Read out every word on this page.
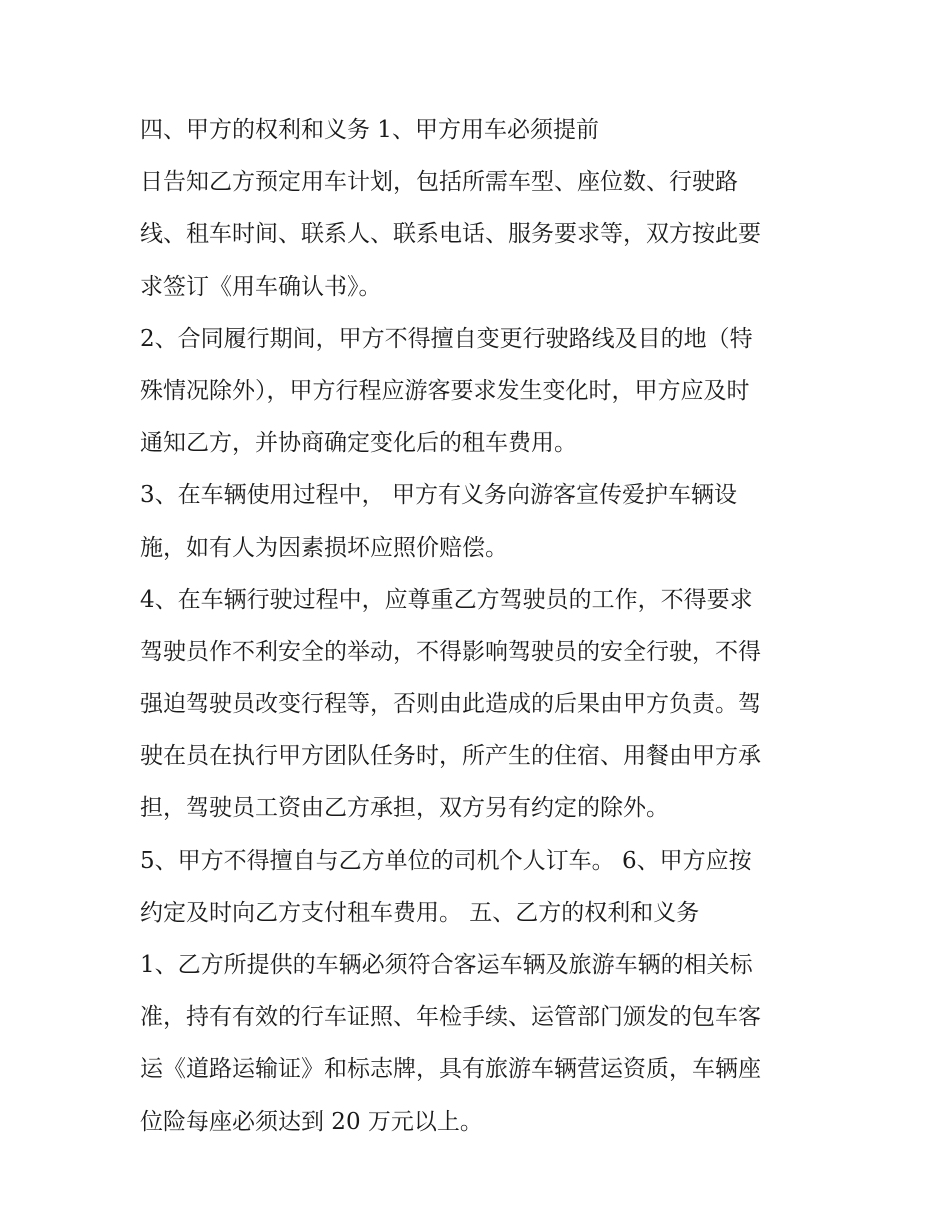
四、甲方的权利和义务 1、甲方用车必须提前
日告知乙方预定用车计划，包括所需车型、座位数、行驶路
线、租车时间、联系人、联系电话、服务要求等，双方按此要
求签订《用车确认书》。
2、合同履行期间，甲方不得擅自变更行驶路线及目的地（特
殊情况除外），甲方行程应游客要求发生变化时，甲方应及时
通知乙方，并协商确定变化后的租车费用。
3、在车辆使用过程中， 甲方有义务向游客宣传爱护车辆设
施，如有人为因素损坏应照价赔偿。
4、在车辆行驶过程中，应尊重乙方驾驶员的工作，不得要求
驾驶员作不利安全的举动，不得影响驾驶员的安全行驶，不得
强迫驾驶员改变行程等，否则由此造成的后果由甲方负责。驾
驶在员在执行甲方团队任务时，所产生的住宿、用餐由甲方承
担，驾驶员工资由乙方承担，双方另有约定的除外。
5、甲方不得擅自与乙方单位的司机个人订车。 6、甲方应按
约定及时向乙方支付租车费用。 五、乙方的权利和义务
1、乙方所提供的车辆必须符合客运车辆及旅游车辆的相关标
准，持有有效的行车证照、年检手续、运管部门颁发的包车客
运《道路运输证》和标志牌，具有旅游车辆营运资质，车辆座
位险每座必须达到 20 万元以上。
